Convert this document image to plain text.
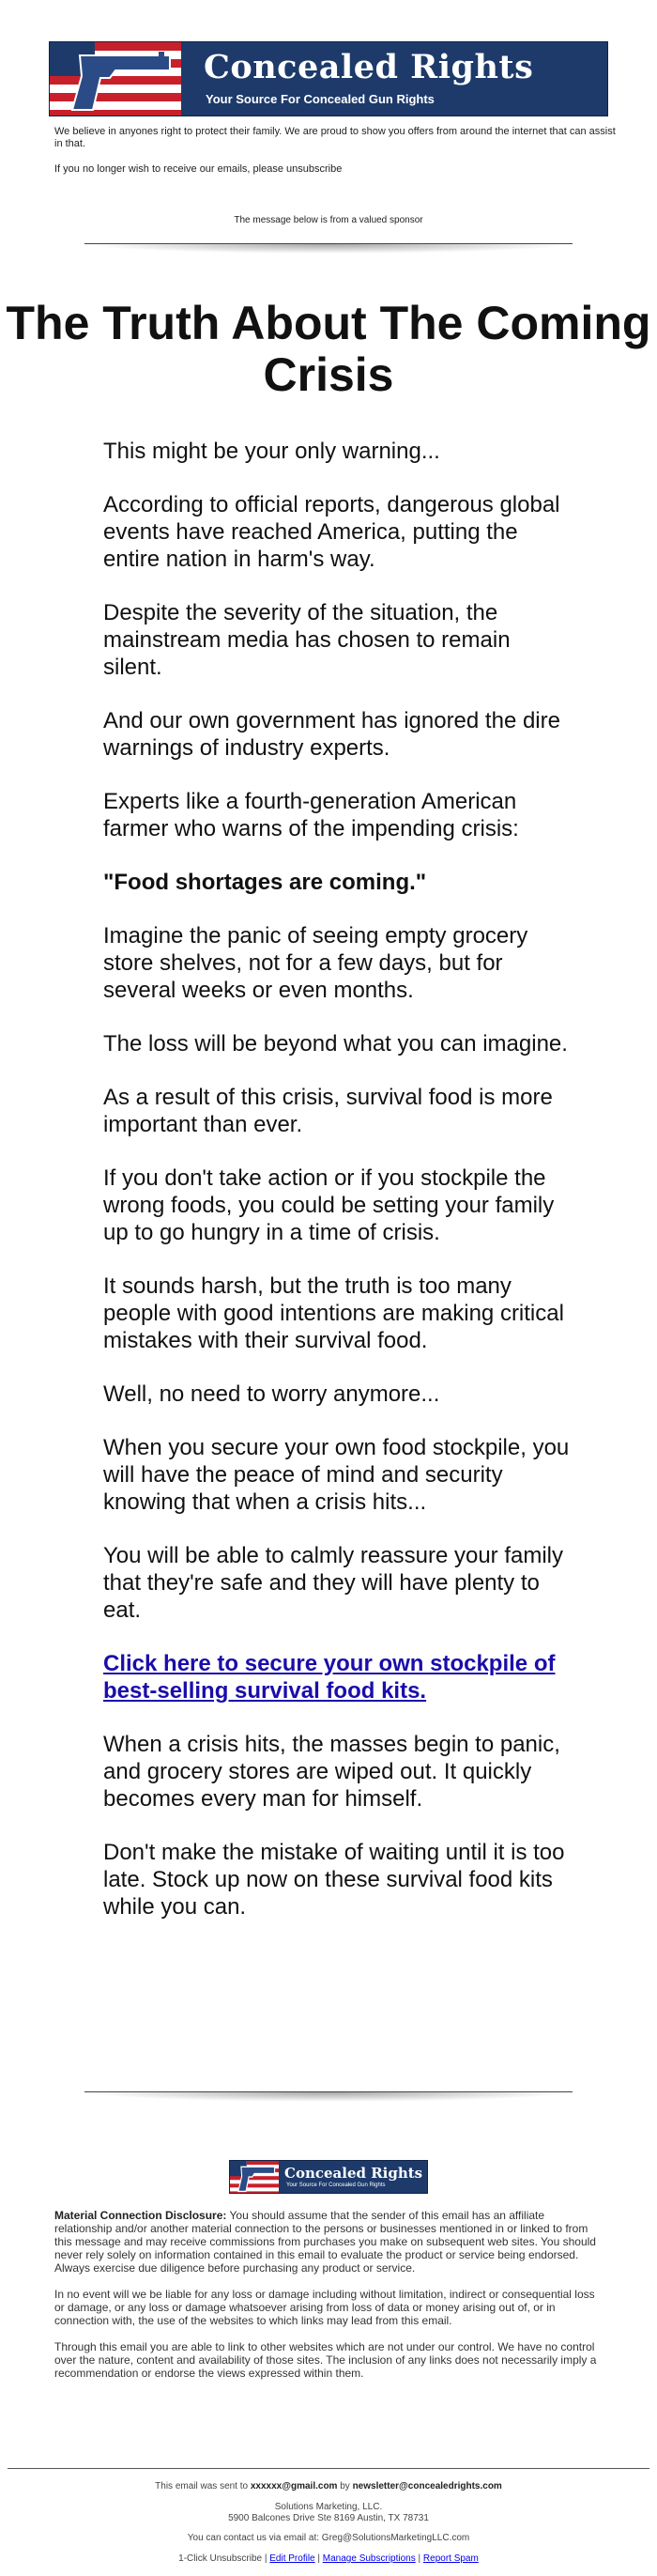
Concealed Rights
Your Source For Concealed Gun Rights

We believe in anyones right to protect their family. We are proud to show you offers from around the internet that can assist in that.

If you no longer wish to receive our emails, please unsubscribe

The message below is from a valued sponsor
The Truth About The Coming Crisis

This might be your only warning...

According to official reports, dangerous global events have reached America, putting the entire nation in harm's way.

Despite the severity of the situation, the mainstream media has chosen to remain silent.

And our own government has ignored the dire warnings of industry experts.

Experts like a fourth-generation American farmer who warns of the impending crisis:

"Food shortages are coming."

Imagine the panic of seeing empty grocery store shelves, not for a few days, but for several weeks or even months.

The loss will be beyond what you can imagine.

As a result of this crisis, survival food is more important than ever.

If you don't take action or if you stockpile the wrong foods, you could be setting your family up to go hungry in a time of crisis.

It sounds harsh, but the truth is too many people with good intentions are making critical mistakes with their survival food.

Well, no need to worry anymore...

When you secure your own food stockpile, you will have the peace of mind and security knowing that when a crisis hits...

You will be able to calmly reassure your family that they're safe and they will have plenty to eat.

Click here to secure your own stockpile of best-selling survival food kits.

When a crisis hits, the masses begin to panic, and grocery stores are wiped out. It quickly becomes every man for himself.

Don't make the mistake of waiting until it is too late. Stock up now on these survival food kits while you can.

Concealed Rights
Your Source For Concealed Gun Rights

Material Connection Disclosure: You should assume that the sender of this email has an affiliate relationship and/or another material connection to the persons or businesses mentioned in or linked to from this message and may receive commissions from purchases you make on subsequent web sites. You should never rely solely on information contained in this email to evaluate the product or service being endorsed. Always exercise due diligence before purchasing any product or service.

In no event will we be liable for any loss or damage including without limitation, indirect or consequential loss or damage, or any loss or damage whatsoever arising from loss of data or money arising out of, or in connection with, the use of the websites to which links may lead from this email.

Through this email you are able to link to other websites which are not under our control. We have no control over the nature, content and availability of those sites. The inclusion of any links does not necessarily imply a recommendation or endorse the views expressed within them.

This email was sent to xxxxxx@gmail.com by newsletter@concealedrights.com
Solutions Marketing, LLC.
5900 Balcones Drive Ste 8169 Austin, TX 78731
You can contact us via email at: Greg@SolutionsMarketingLLC.com
1-Click Unsubscribe | Edit Profile | Manage Subscriptions | Report Spam
